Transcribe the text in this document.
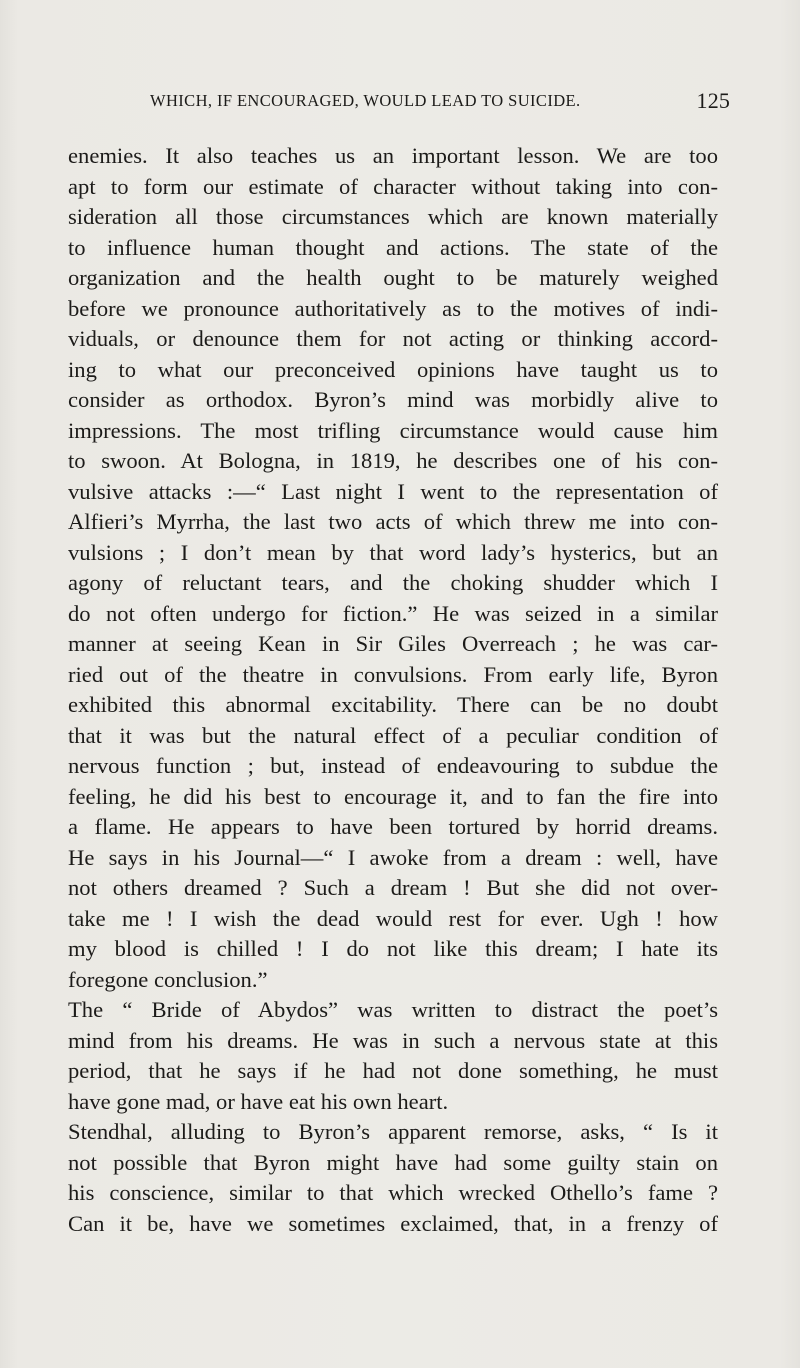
WHICH, IF ENCOURAGED, WOULD LEAD TO SUICIDE.	125
enemies. It also teaches us an important lesson. We are too
apt to form our estimate of character without taking into con-
sideration all those circumstances which are known materially
to influence human thought and actions. The state of the
organization and the health ought to be maturely weighed
before we pronounce authoritatively as to the motives of indi-
viduals, or denounce them for not acting or thinking accord-
ing to what our preconceived opinions have taught us to
consider as orthodox. Byron’s mind was morbidly alive to
impressions. The most trifling circumstance would cause him
to swoon. At Bologna, in 1819, he describes one of his con-
vulsive attacks :—“ Last night I went to the representation of
Alfieri’s Myrrha, the last two acts of which threw me into con-
vulsions ; I don’t mean by that word lady’s hysterics, but an
agony of reluctant tears, and the choking shudder which I
do not often undergo for fiction.” He was seized in a similar
manner at seeing Kean in Sir Giles Overreach ; he was car-
ried out of the theatre in convulsions. From early life, Byron
exhibited this abnormal excitability. There can be no doubt
that it was but the natural effect of a peculiar condition of
nervous function ; but, instead of endeavouring to subdue the
feeling, he did his best to encourage it, and to fan the fire into
a flame. He appears to have been tortured by horrid dreams.
He says in his Journal—“ I awoke from a dream : well, have
not others dreamed ? Such a dream ! But she did not over-
take me ! I wish the dead would rest for ever. Ugh ! how
my blood is chilled ! I do not like this dream; I hate its
foregone conclusion.”
The “ Bride of Abydos” was written to distract the poet’s
mind from his dreams. He was in such a nervous state at this
period, that he says if he had not done something, he must
have gone mad, or have eat his own heart.
Stendhal, alluding to Byron’s apparent remorse, asks, “ Is it
not possible that Byron might have had some guilty stain on
his conscience, similar to that which wrecked Othello’s fame ?
Can it be, have we sometimes exclaimed, that, in a frenzy of
